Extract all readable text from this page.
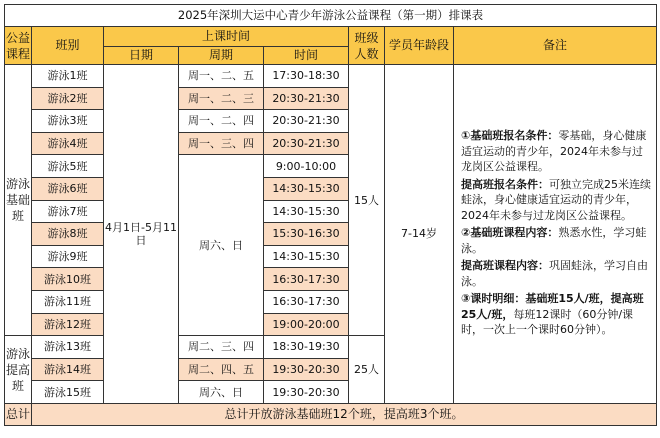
2025年深圳大运中心青少年游泳公益课程（第一期）排课表							
公益课程	班别	上课时间			班级人数	学员年龄段	备注
		日期	周期	时间			
游泳基础班	游泳1班	4月1日-5月11日	周一、二、五	17:30-18:30	15人	7-14岁	①基础班报名条件：零基础，身心健康适宜运动的青少年，2024年未参与过龙岗区公益课程。

提高班报名条件：可独立完成25米连续蛙泳，身心健康适宜运动的青少年，2024年未参与过龙岗区公益课程。

②基础班课程内容：熟悉水性，学习蛙泳。

提高班课程内容：巩固蛙泳，学习自由泳。

③课时明细：基础班15人/班，提高班25人/班，每班12课时（60分钟/课时，一次上一个课时60分钟）。

	游泳2班		周一、二、三	20:30-21:30			
	游泳3班		周一、二、四	20:30-21:30			
	游泳4班		周一、三、四	20:30-21:30			
	游泳5班		周六、日	9:00-10:00			
	游泳6班			14:30-15:30			
	游泳7班			14:30-15:30			
	游泳8班			15:30-16:30			
	游泳9班			14:30-15:30			
	游泳10班			16:30-17:30			
	游泳11班			16:30-17:30			
	游泳12班			19:00-20:00			
游泳提高班	游泳13班		周二、三、四	18:30-19:30	25人		
	游泳14班		周二、四、五	19:30-20:30			
	游泳15班		周六、日	19:30-20:30			
总计	总计开放游泳基础班12个班，提高班3个班。						
